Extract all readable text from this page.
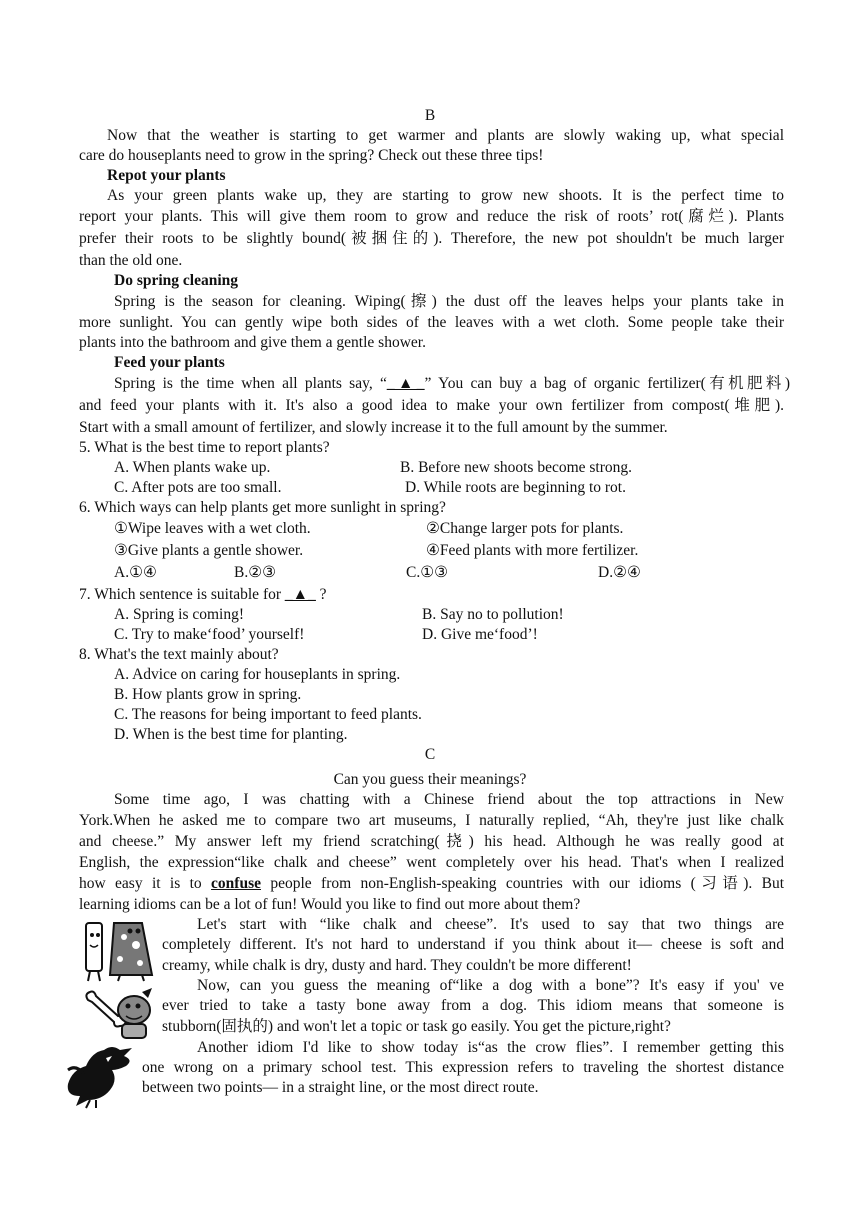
B
Now that the weather is starting to get warmer and plants are slowly waking up, what special
care do houseplants need to grow in the spring? Check out these three tips!
Repot your plants
As your green plants wake up, they are starting to grow new shoots. It is the perfect time to
report your plants. This will give them room to grow and reduce the risk of roots’ rot(腐烂). Plants
prefer their roots to be slightly bound(被捆住的). Therefore, the new pot shouldn't be much larger
than the old one.
Do spring cleaning
Spring is the season for cleaning. Wiping(擦) the dust off the leaves helps your plants take in
more sunlight. You can gently wipe both sides of the leaves with a wet cloth. Some people take their
plants into the bathroom and give them a gentle shower.
Feed your plants
Spring is the time when all plants say, “_▲_” You can buy a bag of organic fertilizer(有机肥料)
and feed your plants with it. It's also a good idea to make your own fertilizer from compost(堆肥).
Start with a small amount of fertilizer, and slowly increase it to the full amount by the summer.
5. What is the best time to report plants?
A. When plants wake up.	B. Before new shoots become strong.
C. After pots are too small.	D. While roots are beginning to rot.
6. Which ways can help plants get more sunlight in spring?
①Wipe leaves with a wet cloth.	②Change larger pots for plants.
③Give plants a gentle shower.	④Feed plants with more fertilizer.
A.①④	B.②③	C.①③	D.②④
7. Which sentence is suitable for _▲_ ?
A. Spring is coming!	B. Say no to pollution!
C. Try to make‘food’ yourself!	D. Give me‘food’!
8. What's the text mainly about?
A. Advice on caring for houseplants in spring.
B. How plants grow in spring.
C. The reasons for being important to feed plants.
D. When is the best time for planting.
C
Can you guess their meanings?
Some time ago, I was chatting with a Chinese friend about the top attractions in New
York.When he asked me to compare two art museums, I naturally replied, “Ah, they're just like chalk
and cheese.” My answer left my friend scratching(挠) his head. Although he was really good at
English, the expression“like chalk and cheese” went completely over his head. That's when I realized
how easy it is to confuse people from non-English-speaking countries with our idioms (习语). But
learning idioms can be a lot of fun! Would you like to find out more about them?
Let's start with “like chalk and cheese”. It's used to say that two things are
completely different. It's not hard to understand if you think about it— cheese is soft and
creamy, while chalk is dry, dusty and hard. They couldn't be more different!
Now, can you guess the meaning of“like a dog with a bone”? It's easy if you' ve
ever tried to take a tasty bone away from a dog. This idiom means that someone is
stubborn(固执的) and won't let a topic or task go easily. You get the picture,right?
Another idiom I'd like to show today is“as the crow flies”. I remember getting this
one wrong on a primary school test. This expression refers to traveling the shortest distance
between two points— in a straight line, or the most direct route.
